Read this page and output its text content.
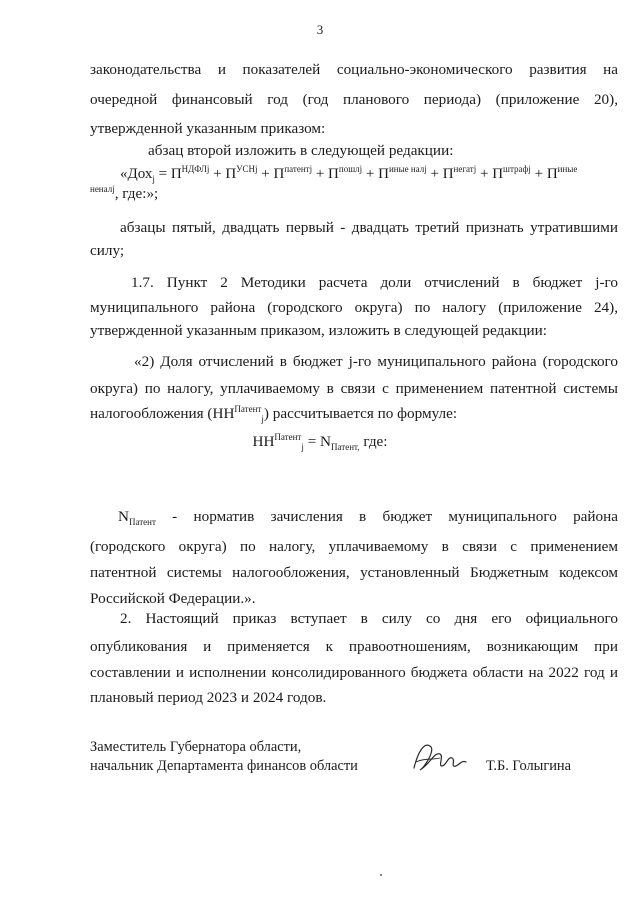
3
законодательства и показателей социально-экономического развития на
очередной финансовый год (год планового периода) (приложение 20),
утвержденной указанным приказом:
абзац второй изложить в следующей редакции:
«$Дох_j = П^{НДФЛj} + П^{УСНj} + П^{патентj} + П^{пошлj} + П^{иные налj} + П^{негатj} + П^{штрафj} + П^{иные}$
$^{неналj}$, где:»;
абзацы пятый, двадцать первый - двадцать третий признать утратившими
силу;
1.7. Пункт 2 Методики расчета доли отчислений в бюджет j-го
муниципального района (городского округа) по налогу (приложение 24),
утвержденной указанным приказом, изложить в следующей редакции:
«2) Доля отчислений в бюджет j-го муниципального района (городского
округа) по налогу, уплачиваемому в связи с применением патентной системы
налогообложения $(НН^{Патент}_j)$ рассчитывается по формуле:
$НН^{Патент}_j = N_{Патент,}$ где:
$N_{Патент}$ - норматив зачисления в бюджет муниципального района
(городского округа) по налогу, уплачиваемому в связи с применением
патентной системы налогообложения, установленный Бюджетным кодексом
Российской Федерации.».
2. Настоящий приказ вступает в силу со дня его официального
опубликования и применяется к правоотношениям, возникающим при
составлении и исполнении консолидированного бюджета области на 2022 год и
плановый период 2023 и 2024 годов.
Заместитель Губернатора области,
начальник Департамента финансов области	Т.Б. Голыгина
